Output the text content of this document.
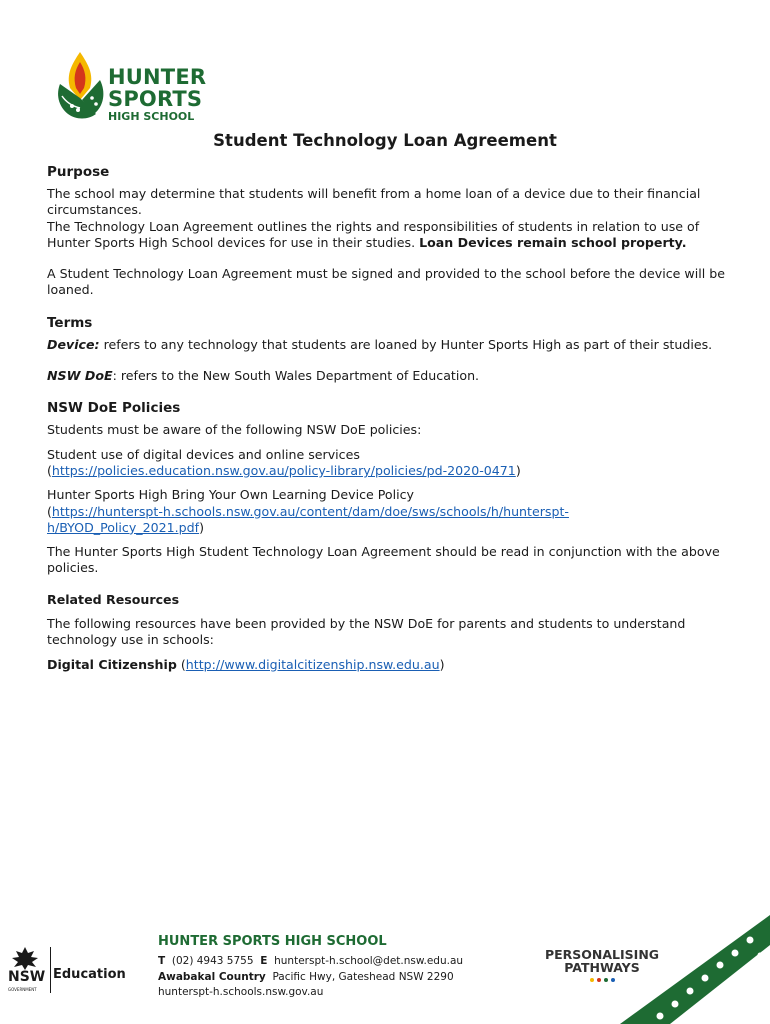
HUNTER
SPORTS
HIGH SCHOOL
Student Technology Loan Agreement
Purpose

The school may determine that students will benefit from a home loan of a device due to their financial circumstances.

The Technology Loan Agreement outlines the rights and responsibilities of students in relation to use of Hunter Sports High School devices for use in their studies. Loan Devices remain school property.

A Student Technology Loan Agreement must be signed and provided to the school before the device will be loaned.

Terms

Device: refers to any technology that students are loaned by Hunter Sports High as part of their studies.

NSW DoE: refers to the New South Wales Department of Education.

NSW DoE Policies

Students must be aware of the following NSW DoE policies:

Student use of digital devices and online services
(https://policies.education.nsw.gov.au/policy-library/policies/pd-2020-0471)

Hunter Sports High Bring Your Own Learning Device Policy
(https://hunterspt-h.schools.nsw.gov.au/content/dam/doe/sws/schools/h/hunterspt-
h/BYOD_Policy_2021.pdf)

The Hunter Sports High Student Technology Loan Agreement should be read in conjunction with the above policies.

Related Resources

The following resources have been provided by the NSW DoE for parents and students to understand technology use in schools:

Digital Citizenship (http://www.digitalcitizenship.nsw.edu.au)

NSW
GOVERNMENT
Education
HUNTER SPORTS HIGH SCHOOL
T (02) 4943 5755 E hunterspt-h.school@det.nsw.edu.au
Awabakal Country Pacific Hwy, Gateshead NSW 2290
hunterspt-h.schools.nsw.gov.au
PERSONALISING
PATHWAYS
